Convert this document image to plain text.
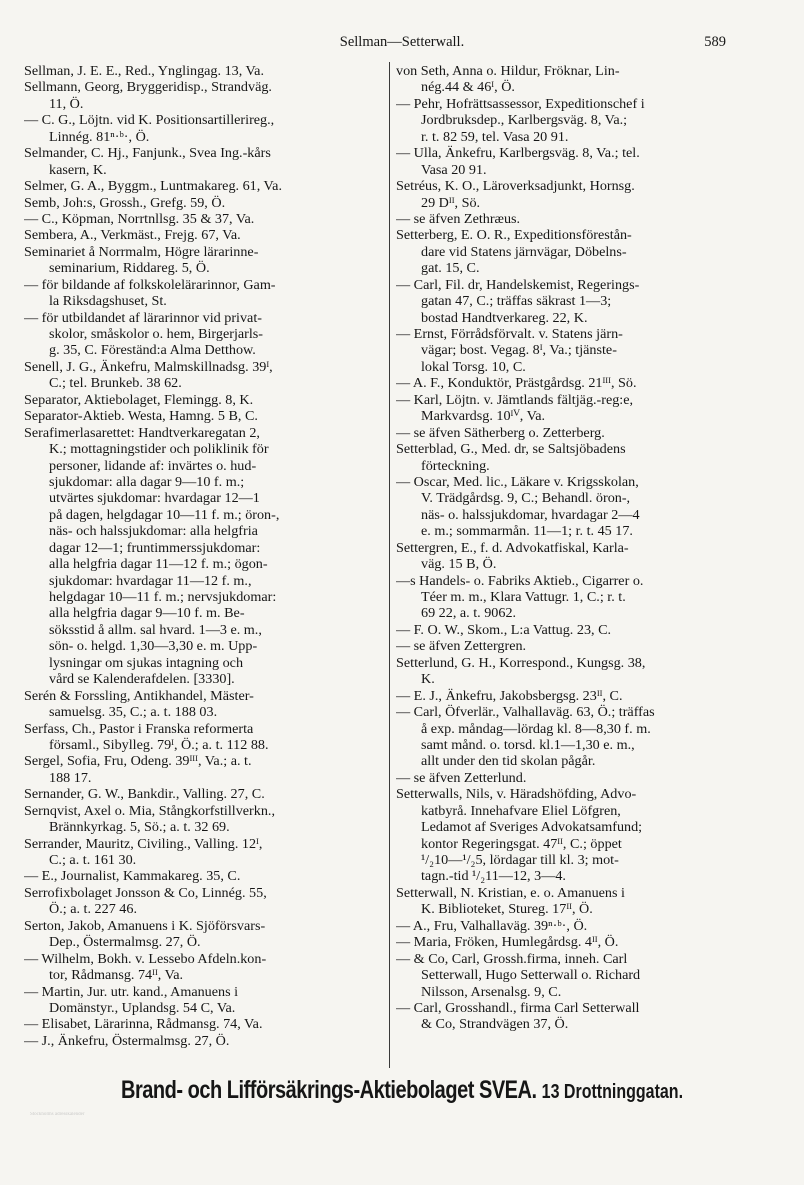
Sellman—Setterwall.	589
Sellman, J. E. E., Red., Ynglingag. 13, Va.
Sellmann, Georg, Bryggeridisp., Strandväg.
11, Ö.
— C. G., Löjtn. vid K. Positionsartillerireg.,
Linnég. 81ⁿ·ᵇ·, Ö.
Selmander, C. Hj., Fanjunk., Svea Ing.-kårs
kasern, K.
Selmer, G. A., Byggm., Luntmakareg. 61, Va.
Semb, Joh:s, Grossh., Grefg. 59, Ö.
— C., Köpman, Norrtnllsg. 35 & 37, Va.
Sembera, A., Verkmäst., Frejg. 67, Va.
Seminariet å Norrmalm, Högre lärarinne-
seminarium, Riddareg. 5, Ö.
— för bildande af folkskolelärarinnor, Gam-
la Riksdagshuset, St.
— för utbildandet af lärarinnor vid privat-
skolor, småskolor o. hem, Birgerjarls-
g. 35, C. Föreständ:a Alma Detthow.
Senell, J. G., Änkefru, Malmskillnadsg. 39ᴵ,
C.; tel. Brunkeb. 38 62.
Separator, Aktiebolaget, Flemingg. 8, K.
Separator-Aktieb. Westa, Hamng. 5 B, C.
Serafimerlasarettet: Handtverkaregatan 2,
K.; mottagningstider och poliklinik för
personer, lidande af: invärtes o. hud-
sjukdomar: alla dagar 9—10 f. m.;
utvärtes sjukdomar: hvardagar 12—1
på dagen, helgdagar 10—11 f. m.; öron-,
näs- och halssjukdomar: alla helgfria
dagar 12—1; fruntimmerssjukdomar:
alla helgfria dagar 11—12 f. m.; ögon-
sjukdomar: hvardagar 11—12 f. m.,
helgdagar 10—11 f. m.; nervsjukdomar:
alla helgfria dagar 9—10 f. m. Be-
söksstid å allm. sal hvard. 1—3 e. m.,
sön- o. helgd. 1,30—3,30 e. m. Upp-
lysningar om sjukas intagning och
vård se Kalenderafdelen. [3330].
Serén & Forssling, Antikhandel, Mäster-
samuelsg. 35, C.; a. t. 188 03.
Serfass, Ch., Pastor i Franska reformerta
församl., Sibylleg. 79ᴵ, Ö.; a. t. 112 88.
Sergel, Sofia, Fru, Odeng. 39ᴵᴵᴵ, Va.; a. t.
188 17.
Sernander, G. W., Bankdir., Valling. 27, C.
Sernqvist, Axel o. Mia, Stångkorfstillverkn.,
Brännkyrkag. 5, Sö.; a. t. 32 69.
Serrander, Mauritz, Civiling., Valling. 12ᴵ,
C.; a. t. 161 30.
— E., Journalist, Kammakareg. 35, C.
Serrofixbolaget Jonsson & Co, Linnég. 55,
Ö.; a. t. 227 46.
Serton, Jakob, Amanuens i K. Sjöförsvars-
Dep., Östermalmsg. 27, Ö.
— Wilhelm, Bokh. v. Lessebo Afdeln.kon-
tor, Rådmansg. 74ᴵᴵ, Va.
— Martin, Jur. utr. kand., Amanuens i
Domänstyr., Uplandsg. 54 C, Va.
— Elisabet, Lärarinna, Rådmansg. 74, Va.
— J., Änkefru, Östermalmsg. 27, Ö.
von Seth, Anna o. Hildur, Fröknar, Lin-
nég.44 & 46ᴵ, Ö.
— Pehr, Hofrättsassessor, Expeditionschef i
Jordbruksdep., Karlbergsväg. 8, Va.;
r. t. 82 59, tel. Vasa 20 91.
— Ulla, Änkefru, Karlbergsväg. 8, Va.; tel.
Vasa 20 91.
Setréus, K. O., Läroverksadjunkt, Hornsg.
29 Dᴵᴵ, Sö.
— se äfven Zethræus.
Setterberg, E. O. R., Expeditionsförestån-
dare vid Statens järnvägar, Döbelns-
gat. 15, C.
— Carl, Fil. dr, Handelskemist, Regerings-
gatan 47, C.; träffas säkrast 1—3;
bostad Handtverkareg. 22, K.
— Ernst, Förrådsförvalt. v. Statens järn-
vägar; bost. Vegag. 8ᴵ, Va.; tjänste-
lokal Torsg. 10, C.
— A. F., Konduktör, Prästgårdsg. 21ᴵᴵᴵ, Sö.
— Karl, Löjtn. v. Jämtlands fältjäg.-reg:e,
Markvardsg. 10ᴵⱽ, Va.
— se äfven Sätherberg o. Zetterberg.
Setterblad, G., Med. dr, se Saltsjöbadens
förteckning.
— Oscar, Med. lic., Läkare v. Krigsskolan,
V. Trädgårdsg. 9, C.; Behandl. öron-,
näs- o. halssjukdomar, hvardagar 2—4
e. m.; sommarmån. 11—1; r. t. 45 17.
Settergren, E., f. d. Advokatfiskal, Karla-
väg. 15 B, Ö.
—s Handels- o. Fabriks Aktieb., Cigarrer o.
Téer m. m., Klara Vattugr. 1, C.; r. t.
69 22, a. t. 9062.
— F. O. W., Skom., L:a Vattug. 23, C.
— se äfven Zettergren.
Setterlund, G. H., Korrespond., Kungsg. 38,
K.
— E. J., Änkefru, Jakobsbergsg. 23ᴵᴵ, C.
— Carl, Öfverlär., Valhallaväg. 63, Ö.; träffas
å exp. måndag—lördag kl. 8—8,30 f. m.
samt månd. o. torsd. kl.1—1,30 e. m.,
allt under den tid skolan pågår.
— se äfven Zetterlund.
Setterwalls, Nils, v. Häradshöfding, Advo-
katbyrå. Innehafvare Eliel Löfgren,
Ledamot af Sveriges Advokatsamfund;
kontor Regeringsgat. 47ᴵᴵ, C.; öppet
¹/₂10—¹/₂5, lördagar till kl. 3; mot-
tagn.-tid ¹/₂11—12, 3—4.
Setterwall, N. Kristian, e. o. Amanuens i
K. Biblioteket, Stureg. 17ᴵᴵ, Ö.
— A., Fru, Valhallaväg. 39ⁿ·ᵇ·, Ö.
— Maria, Fröken, Humlegårdsg. 4ᴵᴵ, Ö.
— & Co, Carl, Grossh.firma, inneh. Carl
Setterwall, Hugo Setterwall o. Richard
Nilsson, Arsenalsg. 9, C.
— Carl, Grosshandl., firma Carl Setterwall
& Co, Strandvägen 37, Ö.
Brand- och Lifförsäkrings-Aktiebolaget SVEA. 13 Drottninggatan.
Stockholms adresskalender
